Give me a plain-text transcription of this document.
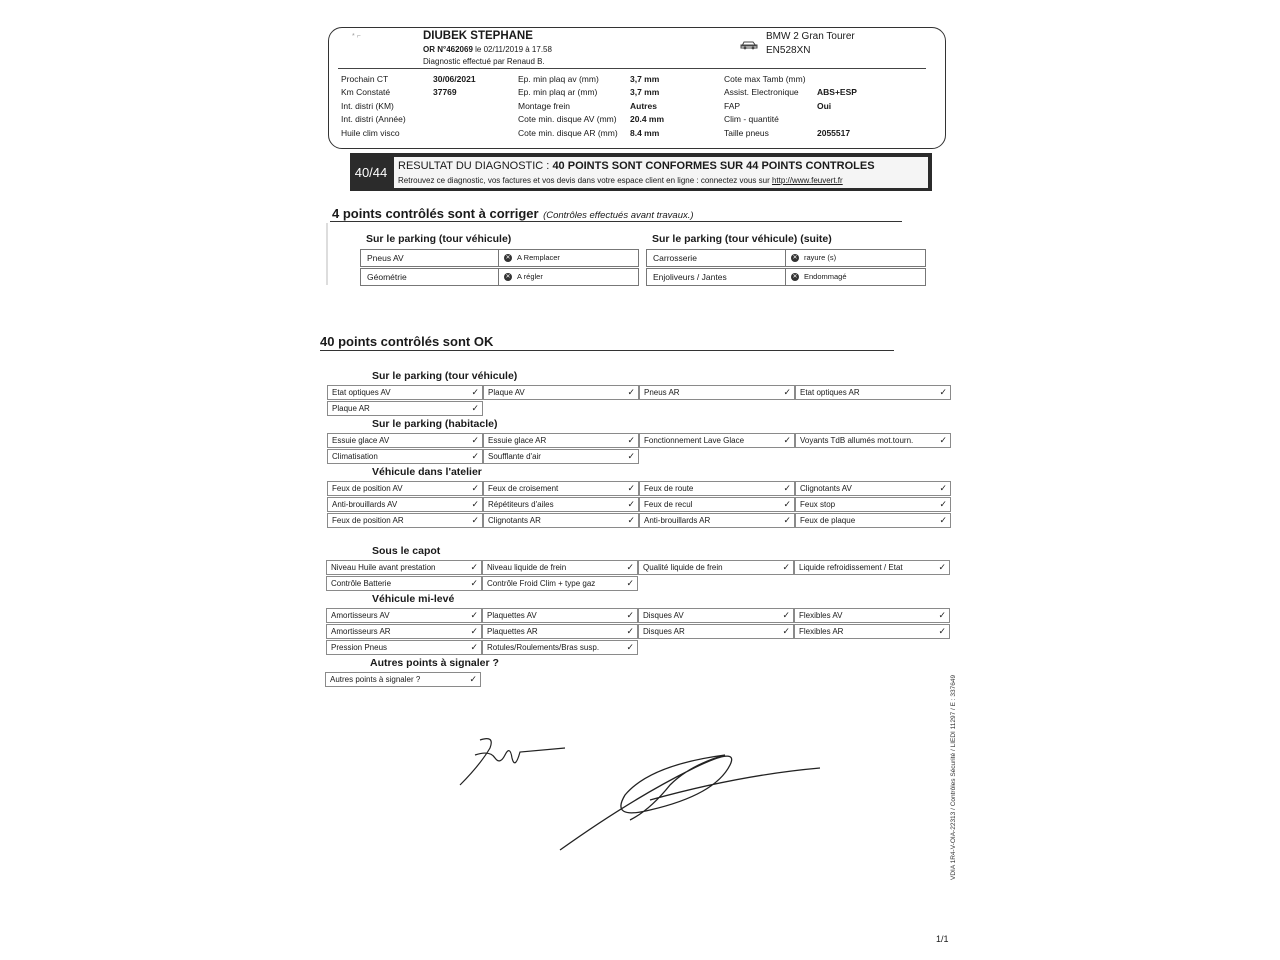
* ⌐	DIUBEK STEPHANE
OR N°462069 le 02/11/2019 à 17.58
Diagnostic effectué par Renaud B.
BMW 2 Gran Tourer
EN528XN
Prochain CT	30/06/2021
Km Constaté	37769
Int. distri (KM)
Int. distri (Année)
Huile clim visco
Ep. min plaq av (mm)	3,7 mm
Ep. min plaq ar (mm)	3,7 mm
Montage frein	Autres
Cote min. disque AV (mm) 20.4 mm
Cote min. disque AR (mm) 8.4 mm
Cote max Tamb (mm)
Assist. Electronique ABS+ESP
FAP	Oui
Clim - quantité
Taille pneus	2055517
40/44 RESULTAT DU DIAGNOSTIC : 40 POINTS SONT CONFORMES SUR 44 POINTS CONTROLES
Retrouvez ce diagnostic, vos factures et vos devis dans votre espace client en ligne : connectez vous sur http://www.feuvert.fr
4 points contrôlés sont à corriger (Contrôles effectués avant travaux.)
Sur le parking (tour véhicule)
Pneus AV	✕ A Remplacer
Géométrie	✕ A régler
Sur le parking (tour véhicule) (suite)
Carrosserie	✕ rayure (s)
Enjoliveurs / Jantes	✕ Endommagé
40 points contrôlés sont OK
Sur le parking (tour véhicule)
Etat optiques AV	✓	Plaque AV	✓	Pneus AR	✓	Etat optiques AR	✓
Plaque AR	✓
Sur le parking (habitacle)
Essuie glace AV	✓	Essuie glace AR	✓	Fonctionnement Lave Glace	✓	Voyants TdB allumés mot.tourn.	✓
Climatisation	✓	Soufflante d'air	✓
Véhicule dans l'atelier
Feux de position AV	✓	Feux de croisement	✓	Feux de route	✓	Clignotants AV	✓
Anti-brouillards AV	✓	Répétiteurs d'ailes	✓	Feux de recul	✓	Feux stop	✓
Feux de position AR	✓	Clignotants AR	✓	Anti-brouillards AR	✓	Feux de plaque	✓
Sous le capot
Niveau Huile avant prestation	✓	Niveau liquide de frein	✓	Qualité liquide de frein	✓	Liquide refroidissement / Etat	✓
Contrôle Batterie	✓	Contrôle Froid Clim + type gaz	✓
Véhicule mi-levé
Amortisseurs AV	✓	Plaquettes AV	✓	Disques AV	✓	Flexibles AV	✓
Amortisseurs AR	✓	Plaquettes AR	✓	Disques AR	✓	Flexibles AR	✓
Pression Pneus	✓	Rotules/Roulements/Bras susp.	✓
Autres points à signaler ?
Autres points à signaler ?	✓	VDIA 1R4-V-OIA-22313 / Contrôles Sécurité / LIEDI 11297 / E : 337649
1/1
